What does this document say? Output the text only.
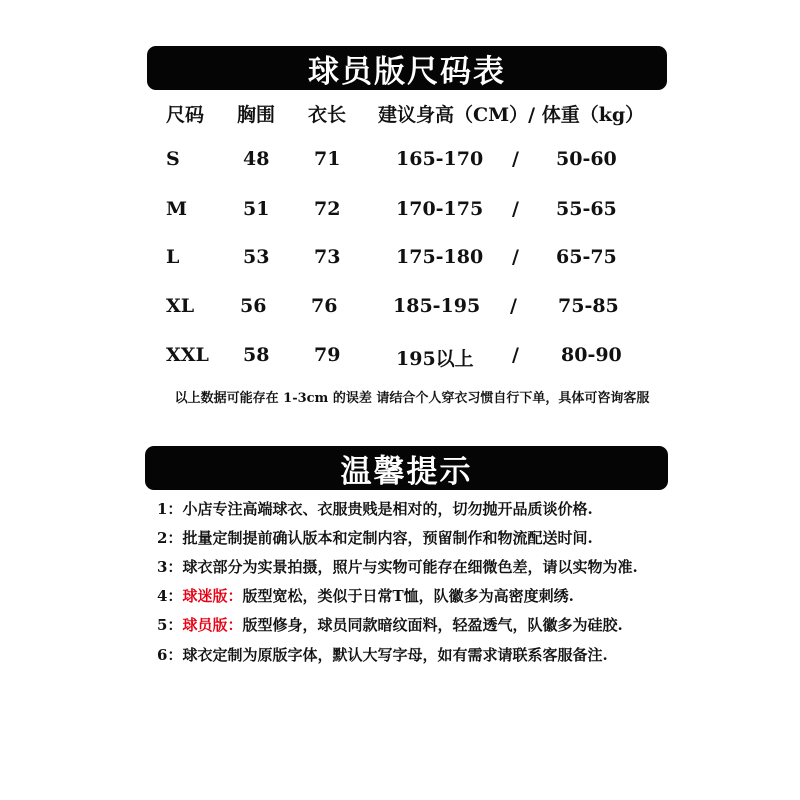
球员版尺码表
尺码 胸围 衣长 建议身高（CM）/ 体重（kg）
S	48 71	165-170 / 50-60
M	51 72	170-175 / 55-65
L	53 73	175-180 / 65-75
XL 56 76	185-195 / 75-85
XXL 58 79	195以上 / 80-90
以上数据可能存在 1-3cm 的误差 请结合个人穿衣习惯自行下单，具体可咨询客服
温馨提示
1：小店专注高端球衣、衣服贵贱是相对的，切勿抛开品质谈价格.
2：批量定制提前确认版本和定制内容，预留制作和物流配送时间.
3：球衣部分为实景拍摄，照片与实物可能存在细微色差，请以实物为准.
4：球迷版：版型宽松，类似于日常T恤，队徽多为高密度刺绣.
5：球员版：版型修身，球员同款暗纹面料，轻盈透气，队徽多为硅胶.
6：球衣定制为原版字体，默认大写字母，如有需求请联系客服备注.
